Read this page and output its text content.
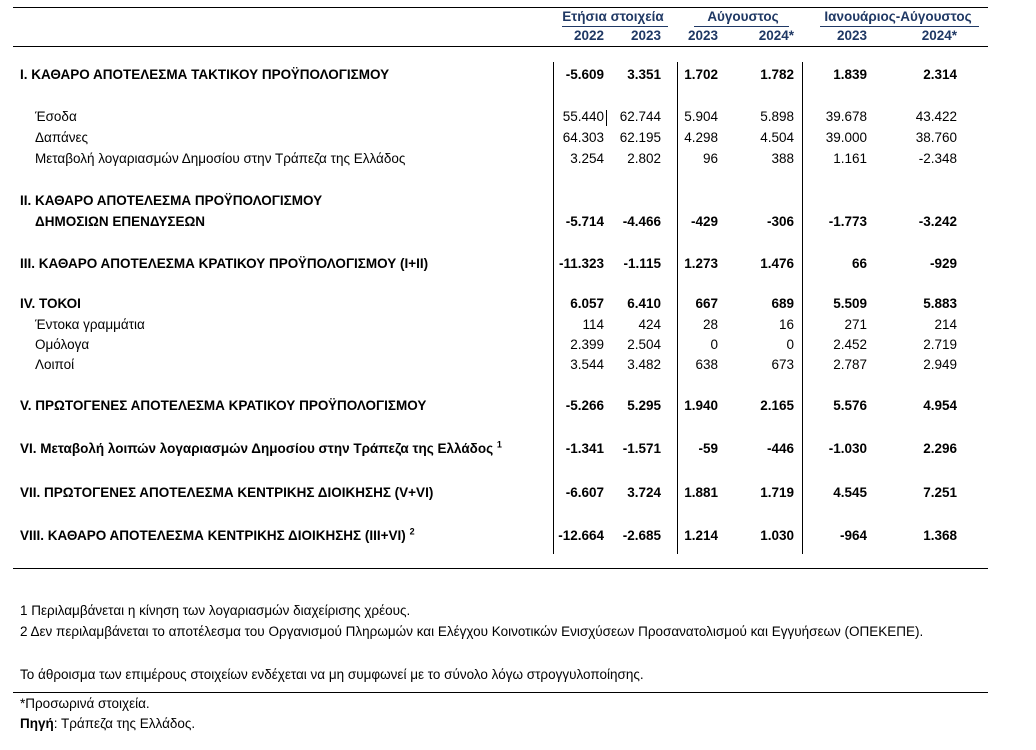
Ετήσια στοιχεία	Αύγουστος	Ιανουάριος-Αύγουστος
2022	2023	2023	2024*	2023	2024*
I. ΚΑΘΑΡΟ ΑΠΟΤΕΛΕΣΜΑ ΤΑΚΤΙΚΟΥ ΠΡΟΫΠΟΛΟΓΙΣΜΟΥ	-5.609	3.351	1.702	1.782	1.839	2.314
Έσοδα	55.440	62.744	5.904	5.898	39.678	43.422
Δαπάνες	64.303	62.195	4.298	4.504	39.000	38.760
Μεταβολή λογαριασμών Δημοσίου στην Τράπεζα της Ελλάδος	3.254	2.802	96	388	1.161	-2.348
II. ΚΑΘΑΡΟ ΑΠΟΤΕΛΕΣΜΑ ΠΡΟΫΠΟΛΟΓΙΣΜΟΥ
ΔΗΜΟΣΙΩΝ ΕΠΕΝΔΥΣΕΩΝ	-5.714	-4.466	-429	-306	-1.773	-3.242
III. ΚΑΘΑΡΟ ΑΠΟΤΕΛΕΣΜΑ ΚΡΑΤΙΚΟΥ ΠΡΟΫΠΟΛΟΓΙΣΜΟΥ (I+II)	-11.323	-1.115	1.273	1.476	66	-929
IV. ΤΟΚΟΙ	6.057	6.410	667	689	5.509	5.883
Έντοκα γραμμάτια	114	424	28	16	271	214
Ομόλογα	2.399	2.504	0	0	2.452	2.719
Λοιποί	3.544	3.482	638	673	2.787	2.949
V. ΠΡΩΤΟΓΕΝΕΣ ΑΠΟΤΕΛΕΣΜΑ ΚΡΑΤΙΚΟΥ ΠΡΟΫΠΟΛΟΓΙΣΜΟΥ	-5.266	5.295	1.940	2.165	5.576	4.954
VI. Μεταβολή λοιπών λογαριασμών Δημοσίου στην Τράπεζα της Ελλάδος $^1$	-1.341	-1.571	-59	-446	-1.030	2.296
VII. ΠΡΩΤΟΓΕΝΕΣ ΑΠΟΤΕΛΕΣΜΑ ΚΕΝΤΡΙΚΗΣ ΔΙΟΙΚΗΣΗΣ (V+VI)	-6.607	3.724	1.881	1.719	4.545	7.251
VIII. ΚΑΘΑΡΟ ΑΠΟΤΕΛΕΣΜΑ ΚΕΝΤΡΙΚΗΣ ΔΙΟΙΚΗΣΗΣ (III+VI) $^2$	-12.664	-2.685	1.214	1.030	-964	1.368
1 Περιλαμβάνεται η κίνηση των λογαριασμών διαχείρισης χρέους.
2 Δεν περιλαμβάνεται το αποτέλεσμα του Οργανισμού Πληρωμών και Ελέγχου Κοινοτικών Ενισχύσεων Προσανατολισμού και Εγγυήσεων (ΟΠΕΚΕΠΕ).
Το άθροισμα των επιμέρους στοιχείων ενδέχεται να μη συμφωνεί με το σύνολο λόγω στρογγυλοποίησης.
*Προσωρινά στοιχεία.
Πηγή: Τράπεζα της Ελλάδος.
